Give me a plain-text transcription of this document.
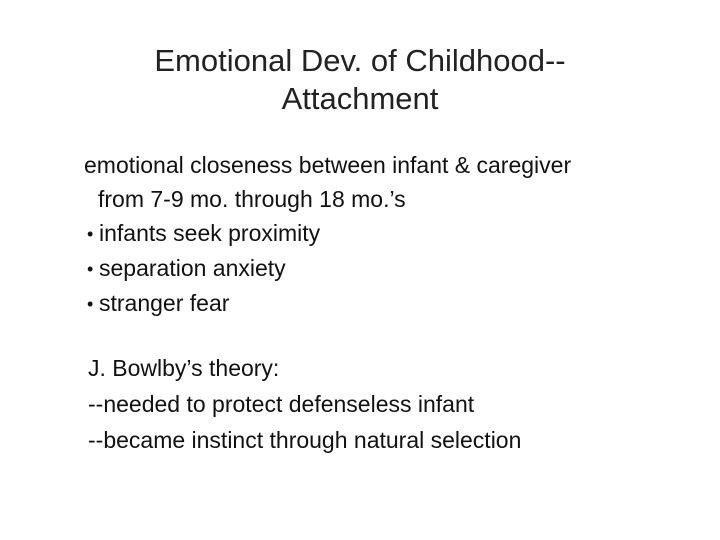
Emotional Dev. of Childhood--
Attachment
emotional closeness between infant & caregiver
from 7-9 mo. through 18 mo.’s
• infants seek proximity
• separation anxiety
• stranger fear
J. Bowlby’s theory:
--needed to protect defenseless infant
--became instinct through natural selection
